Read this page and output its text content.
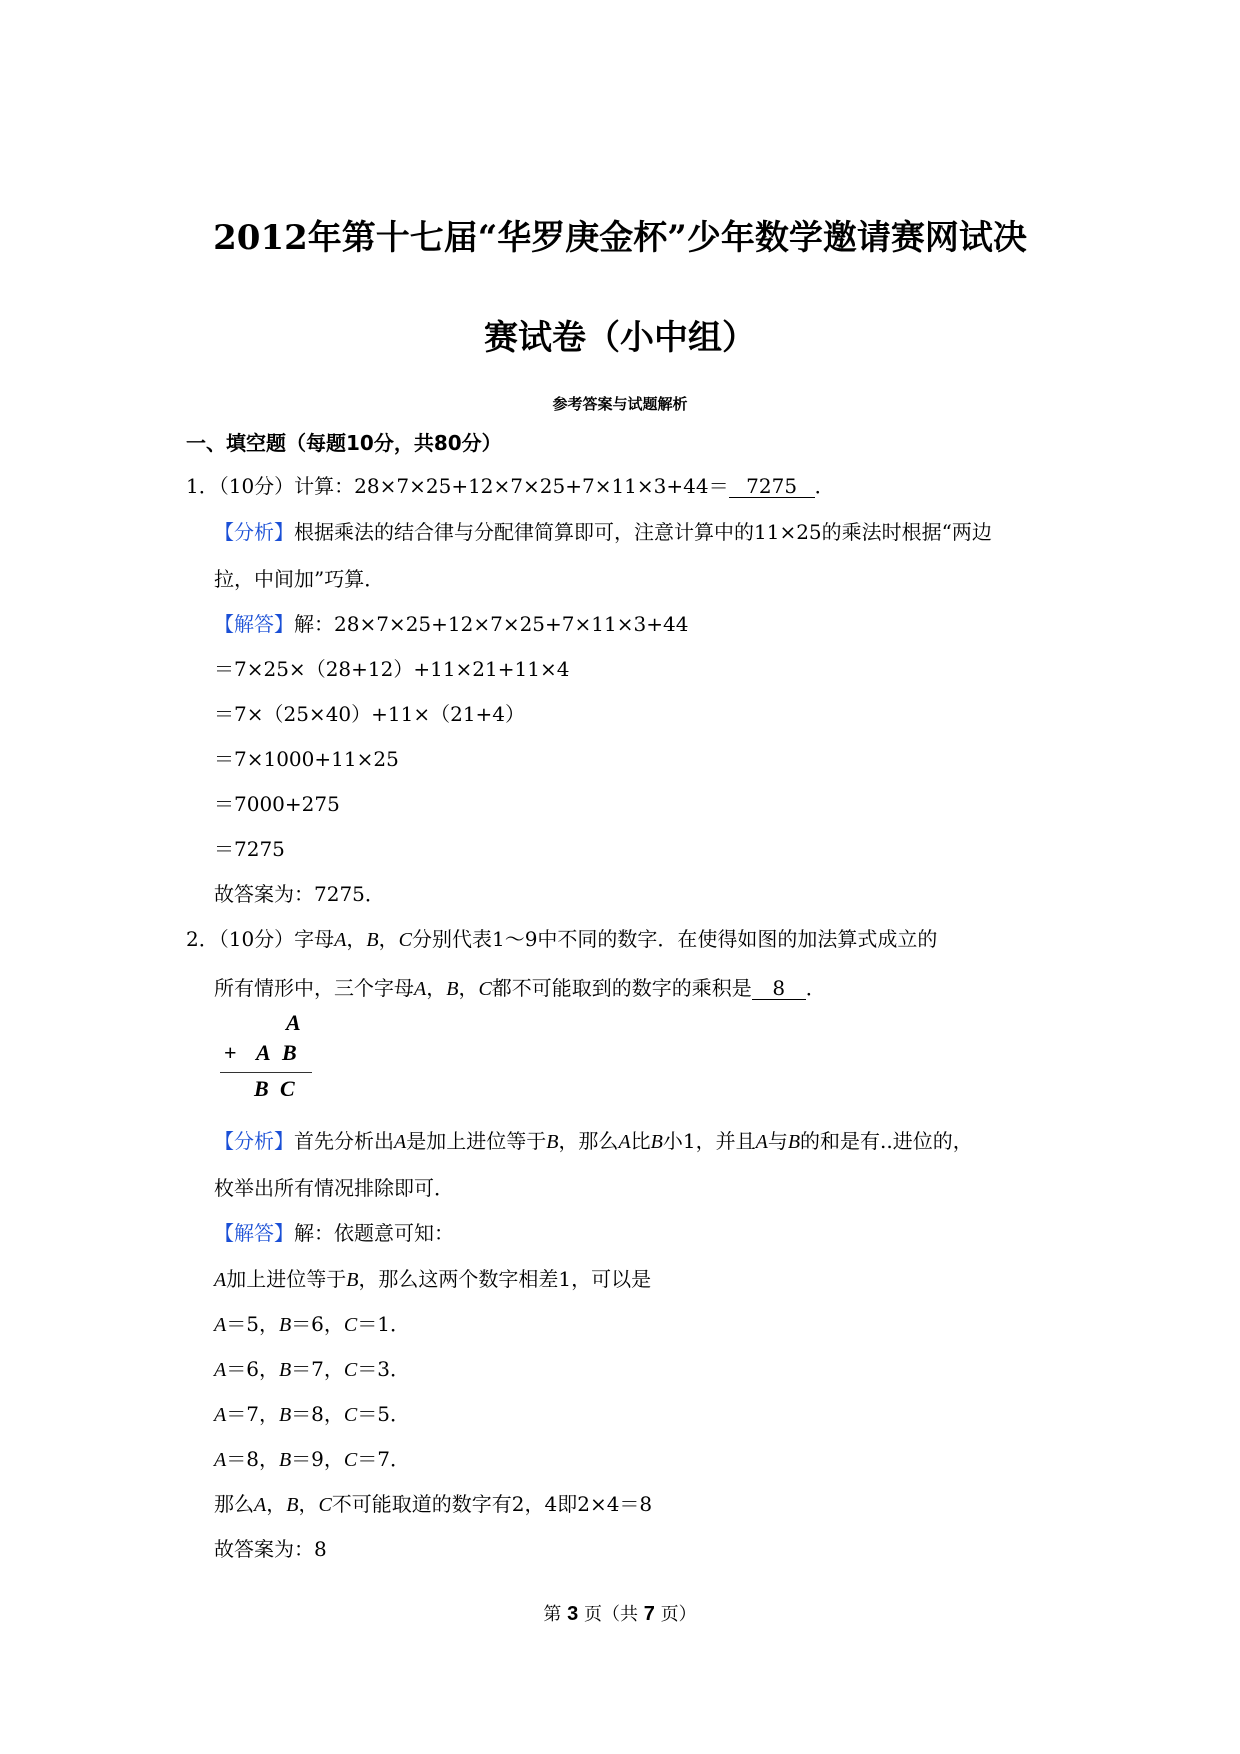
2012年第十七届“华罗庚金杯”少年数学邀请赛网试决
赛试卷（小中组）
参考答案与试题解析
一、填空题（每题10分，共80分）
1．（10分）计算：28×7×25+12×7×25+7×11×3+44＝ 7275 ．
【分析】根据乘法的结合律与分配律简算即可，注意计算中的11×25的乘法时根据“两边
拉，中间加”巧算．
【解答】解：28×7×25+12×7×25+7×11×3+44
＝7×25×（28+12）+11×21+11×4
＝7×（25×40）+11×（21+4）
＝7×1000+11×25
＝7000+275
＝7275
故答案为：7275．
2．（10分）字母A，B，C分别代表1～9中不同的数字．在使得如图的加法算式成立的
所有情形中，三个字母A，B，C都不可能取到的数字的乘积是 8 ．
A
+ A B
B C
【分析】首先分析出A是加上进位等于B，那么A比B小1，并且A与B的和是有..进位的，
枚举出所有情况排除即可．
【解答】解：依题意可知：
A加上进位等于B，那么这两个数字相差1，可以是
A＝5，B＝6，C＝1．
A＝6，B＝7，C＝3．
A＝7，B＝8，C＝5．
A＝8，B＝9，C＝7．
那么A，B，C不可能取道的数字有2，4即2×4＝8
故答案为：8
第 3 页（共 7 页）
